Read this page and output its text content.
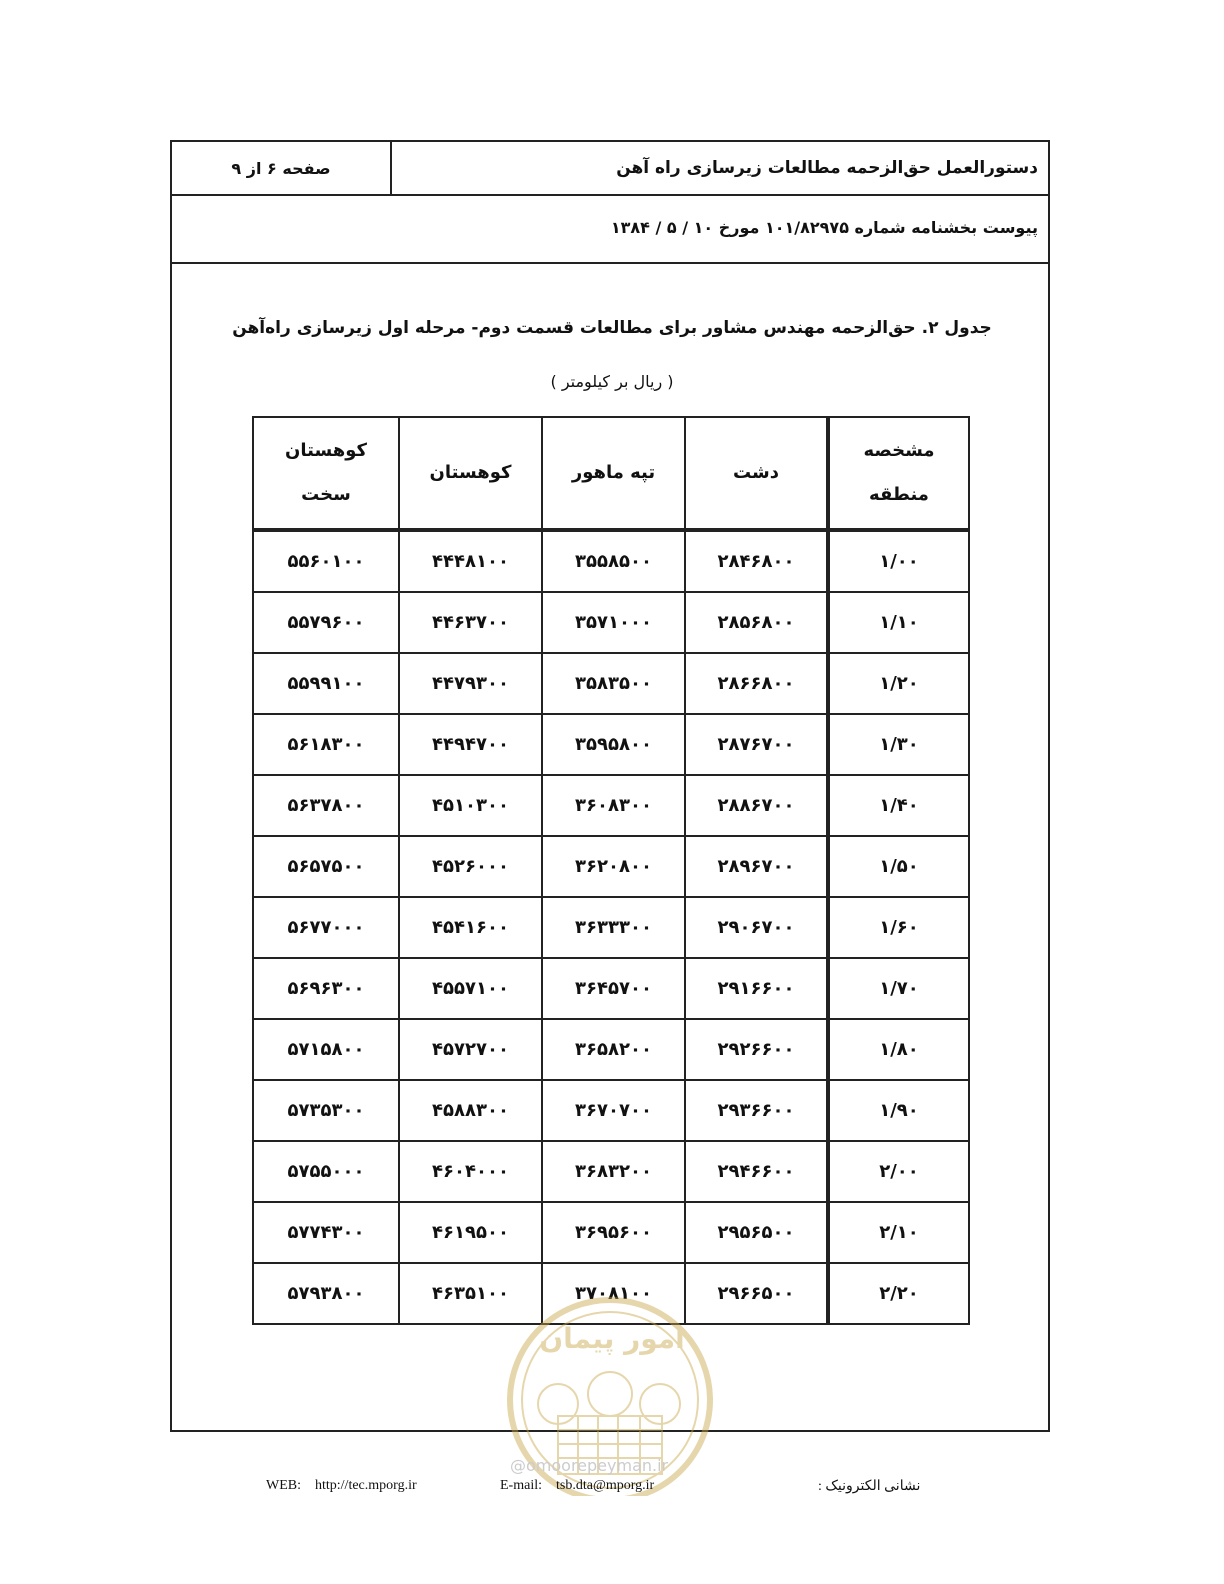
صفحه ۶ از ۹	دستورالعمل حق‌الزحمه مطالعات زیرسازی راه آهن
پیوست بخشنامه شماره ۱۰۱/۸۲۹۷۵ مورخ ۱۰ / ۵ / ۱۳۸۴
جدول ۲. حق‌الزحمه مهندس مشاور برای مطالعات قسمت دوم- مرحله اول زیرسازی راه‌آهن
( ریال بر کیلومتر )
مشخصه منطقه	دشت	تپه ماهور	کوهستان	کوهستان سخت
۱/۰۰	۲۸۴۶۸۰۰	۳۵۵۸۵۰۰	۴۴۴۸۱۰۰	۵۵۶۰۱۰۰
۱/۱۰	۲۸۵۶۸۰۰	۳۵۷۱۰۰۰	۴۴۶۳۷۰۰	۵۵۷۹۶۰۰
۱/۲۰	۲۸۶۶۸۰۰	۳۵۸۳۵۰۰	۴۴۷۹۳۰۰	۵۵۹۹۱۰۰
۱/۳۰	۲۸۷۶۷۰۰	۳۵۹۵۸۰۰	۴۴۹۴۷۰۰	۵۶۱۸۳۰۰
۱/۴۰	۲۸۸۶۷۰۰	۳۶۰۸۳۰۰	۴۵۱۰۳۰۰	۵۶۳۷۸۰۰
۱/۵۰	۲۸۹۶۷۰۰	۳۶۲۰۸۰۰	۴۵۲۶۰۰۰	۵۶۵۷۵۰۰
۱/۶۰	۲۹۰۶۷۰۰	۳۶۳۳۳۰۰	۴۵۴۱۶۰۰	۵۶۷۷۰۰۰
۱/۷۰	۲۹۱۶۶۰۰	۳۶۴۵۷۰۰	۴۵۵۷۱۰۰	۵۶۹۶۳۰۰
۱/۸۰	۲۹۲۶۶۰۰	۳۶۵۸۲۰۰	۴۵۷۲۷۰۰	۵۷۱۵۸۰۰
۱/۹۰	۲۹۳۶۶۰۰	۳۶۷۰۷۰۰	۴۵۸۸۳۰۰	۵۷۳۵۳۰۰
۲/۰۰	۲۹۴۶۶۰۰	۳۶۸۳۲۰۰	۴۶۰۴۰۰۰	۵۷۵۵۰۰۰
۲/۱۰	۲۹۵۶۵۰۰	۳۶۹۵۶۰۰	۴۶۱۹۵۰۰	۵۷۷۴۳۰۰
۲/۲۰	۲۹۶۶۵۰۰	۳۷۰۸۱۰۰	۴۶۳۵۱۰۰	۵۷۹۳۸۰۰
امور پیمان
WEB: http://tec.mporg.ir	E-mail: tsb.dta@mporg.ir
@omoorepeyman.ir
نشانی الکترونیک :
